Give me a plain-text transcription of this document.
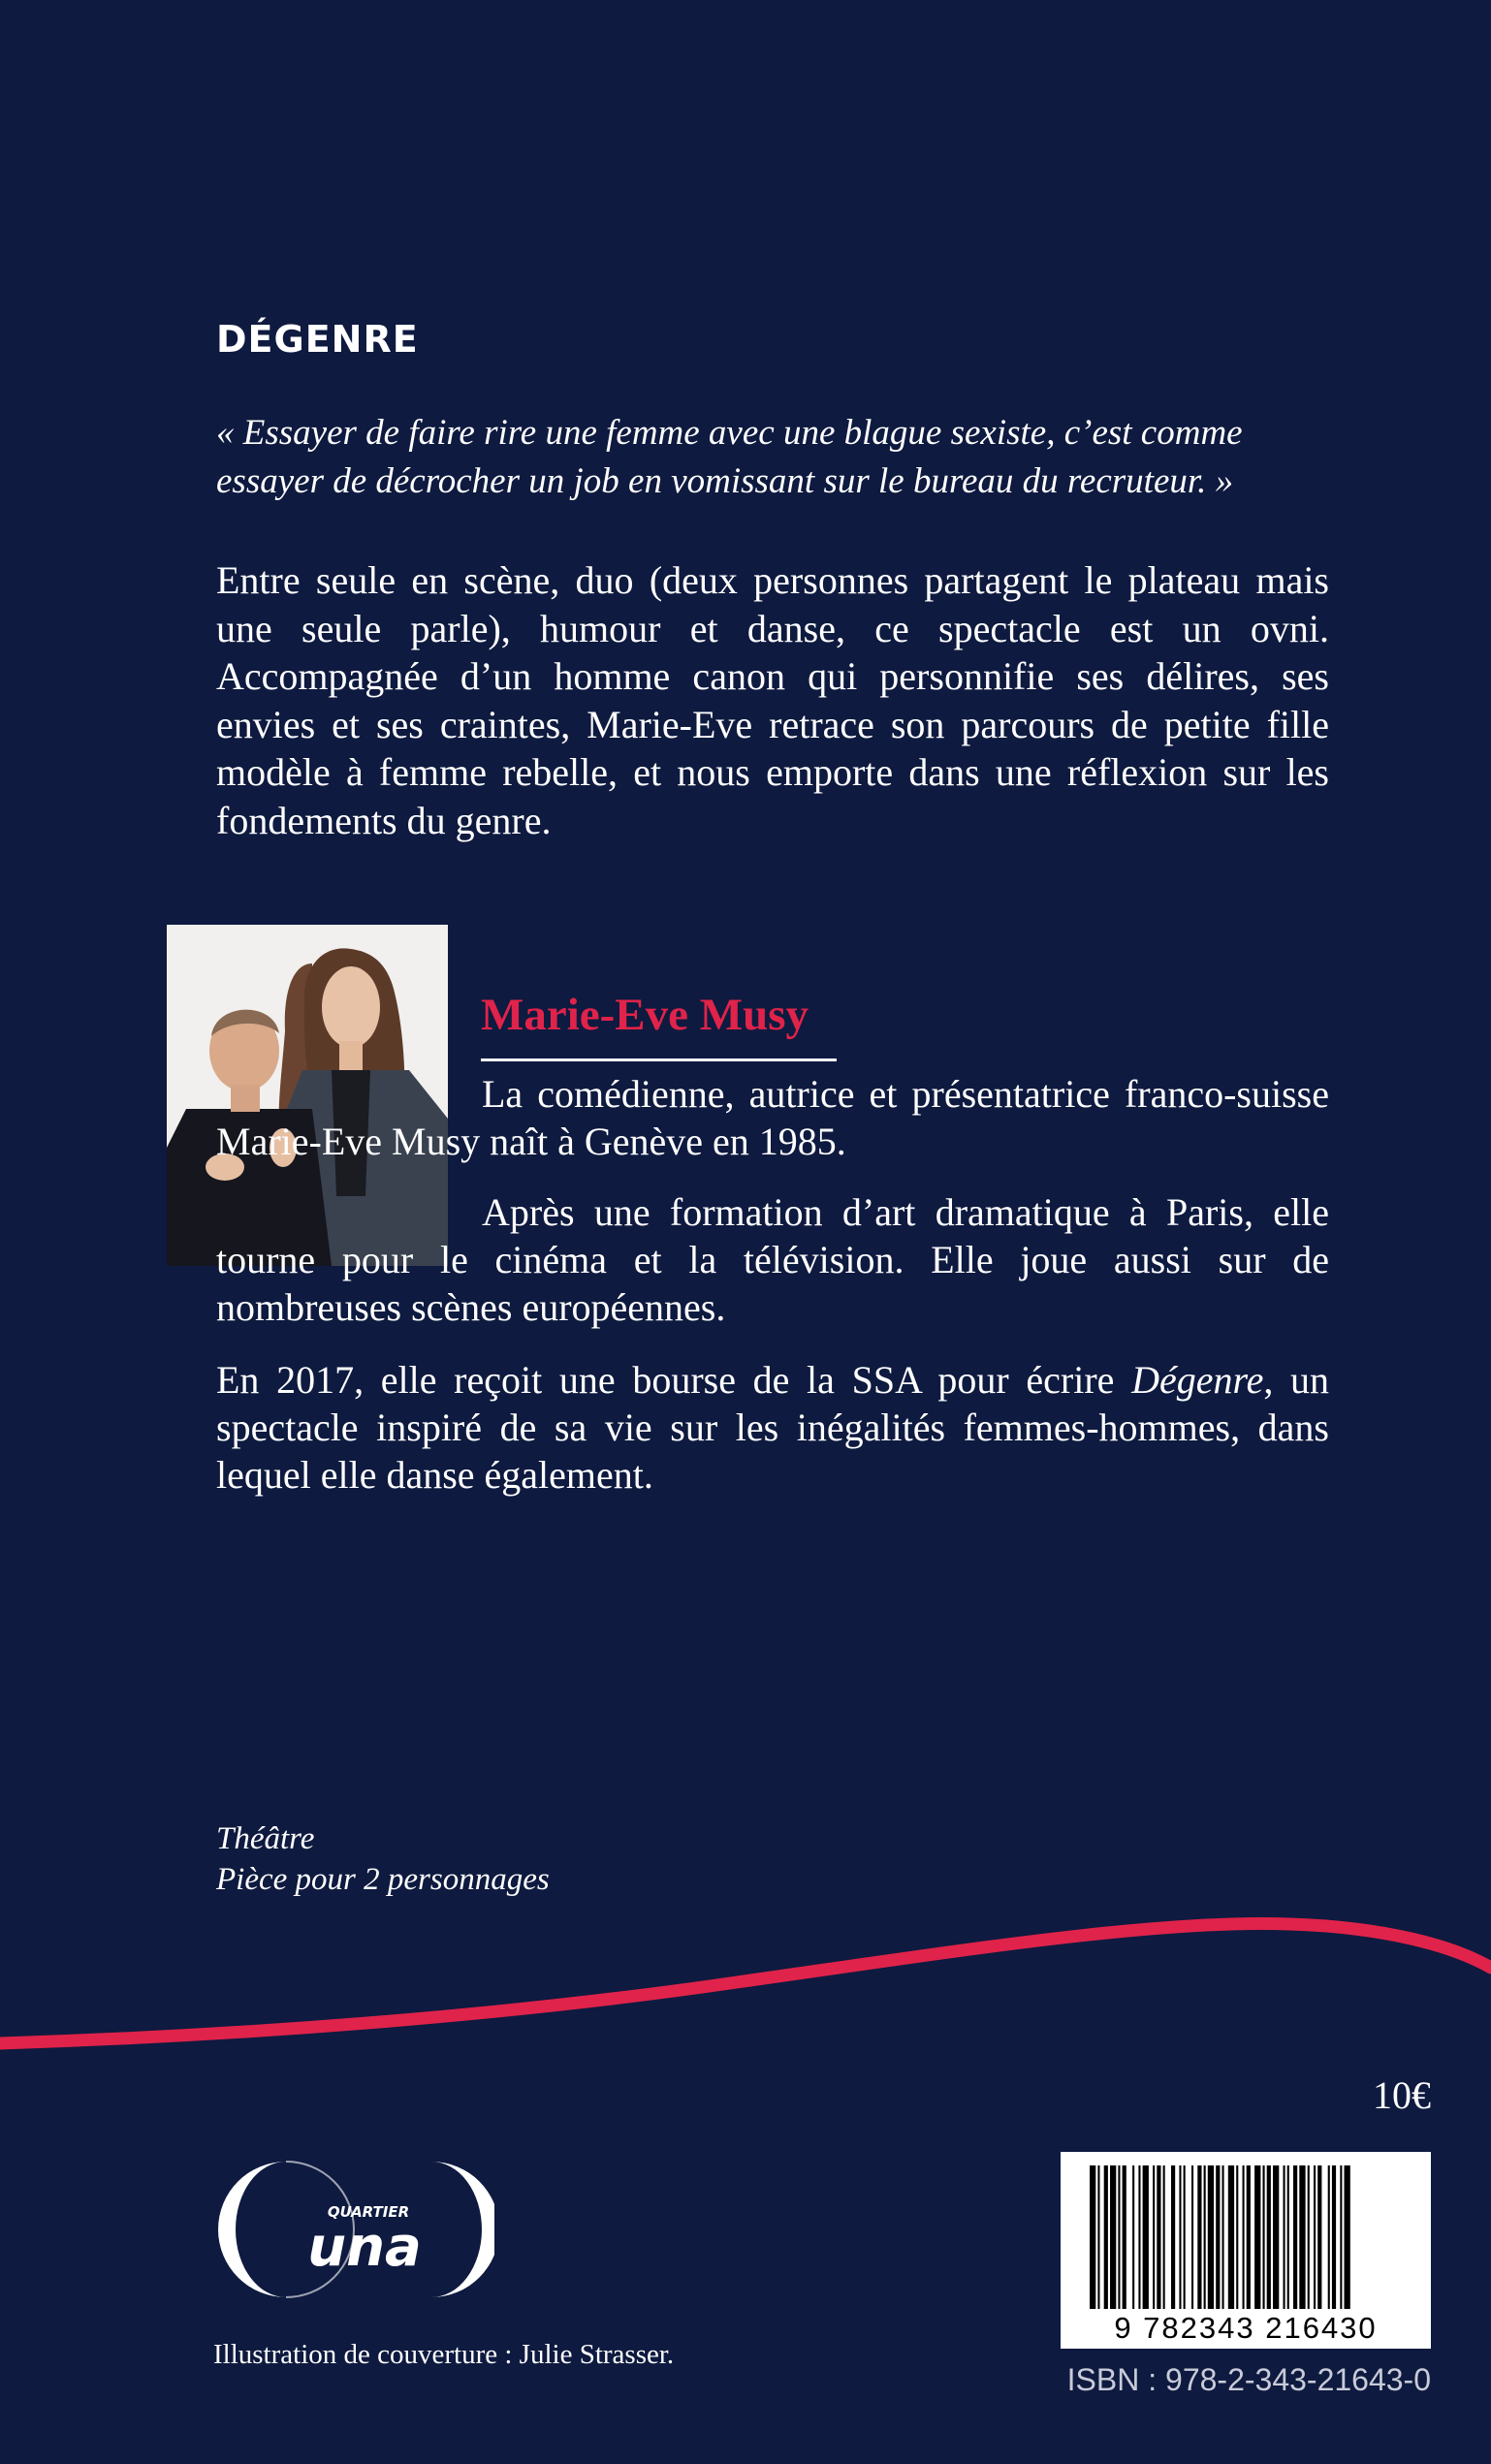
DÉGENRE

« Essayer de faire rire une femme avec une blague sexiste, c’est comme essayer de décrocher un job en vomissant sur le bureau du recruteur. »

Entre seule en scène, duo (deux personnes partagent le plateau mais une seule parle), humour et danse, ce spectacle est un ovni. Accompagnée d’un homme canon qui personnifie ses délires, ses envies et ses craintes, Marie-Eve retrace son parcours de petite fille modèle à femme rebelle, et nous emporte dans une réflexion sur les fondements du genre.

Marie-Eve Musy

La comédienne, autrice et présentatrice franco-suisse Marie-Eve Musy naît à Genève en 1985.

Après une formation d’art dramatique à Paris, elle tourne pour le cinéma et la télévision. Elle joue aussi sur de nombreuses scènes européennes.

En 2017, elle reçoit une bourse de la SSA pour écrire Dégenre, un spectacle inspiré de sa vie sur les inégalités femmes-hommes, dans lequel elle danse également.

Théâtre
Pièce pour 2 personnages
10€
QUARTIER
una
Illustration de couverture : Julie Strasser.
9 782343 216430
ISBN : 978-2-343-21643-0
